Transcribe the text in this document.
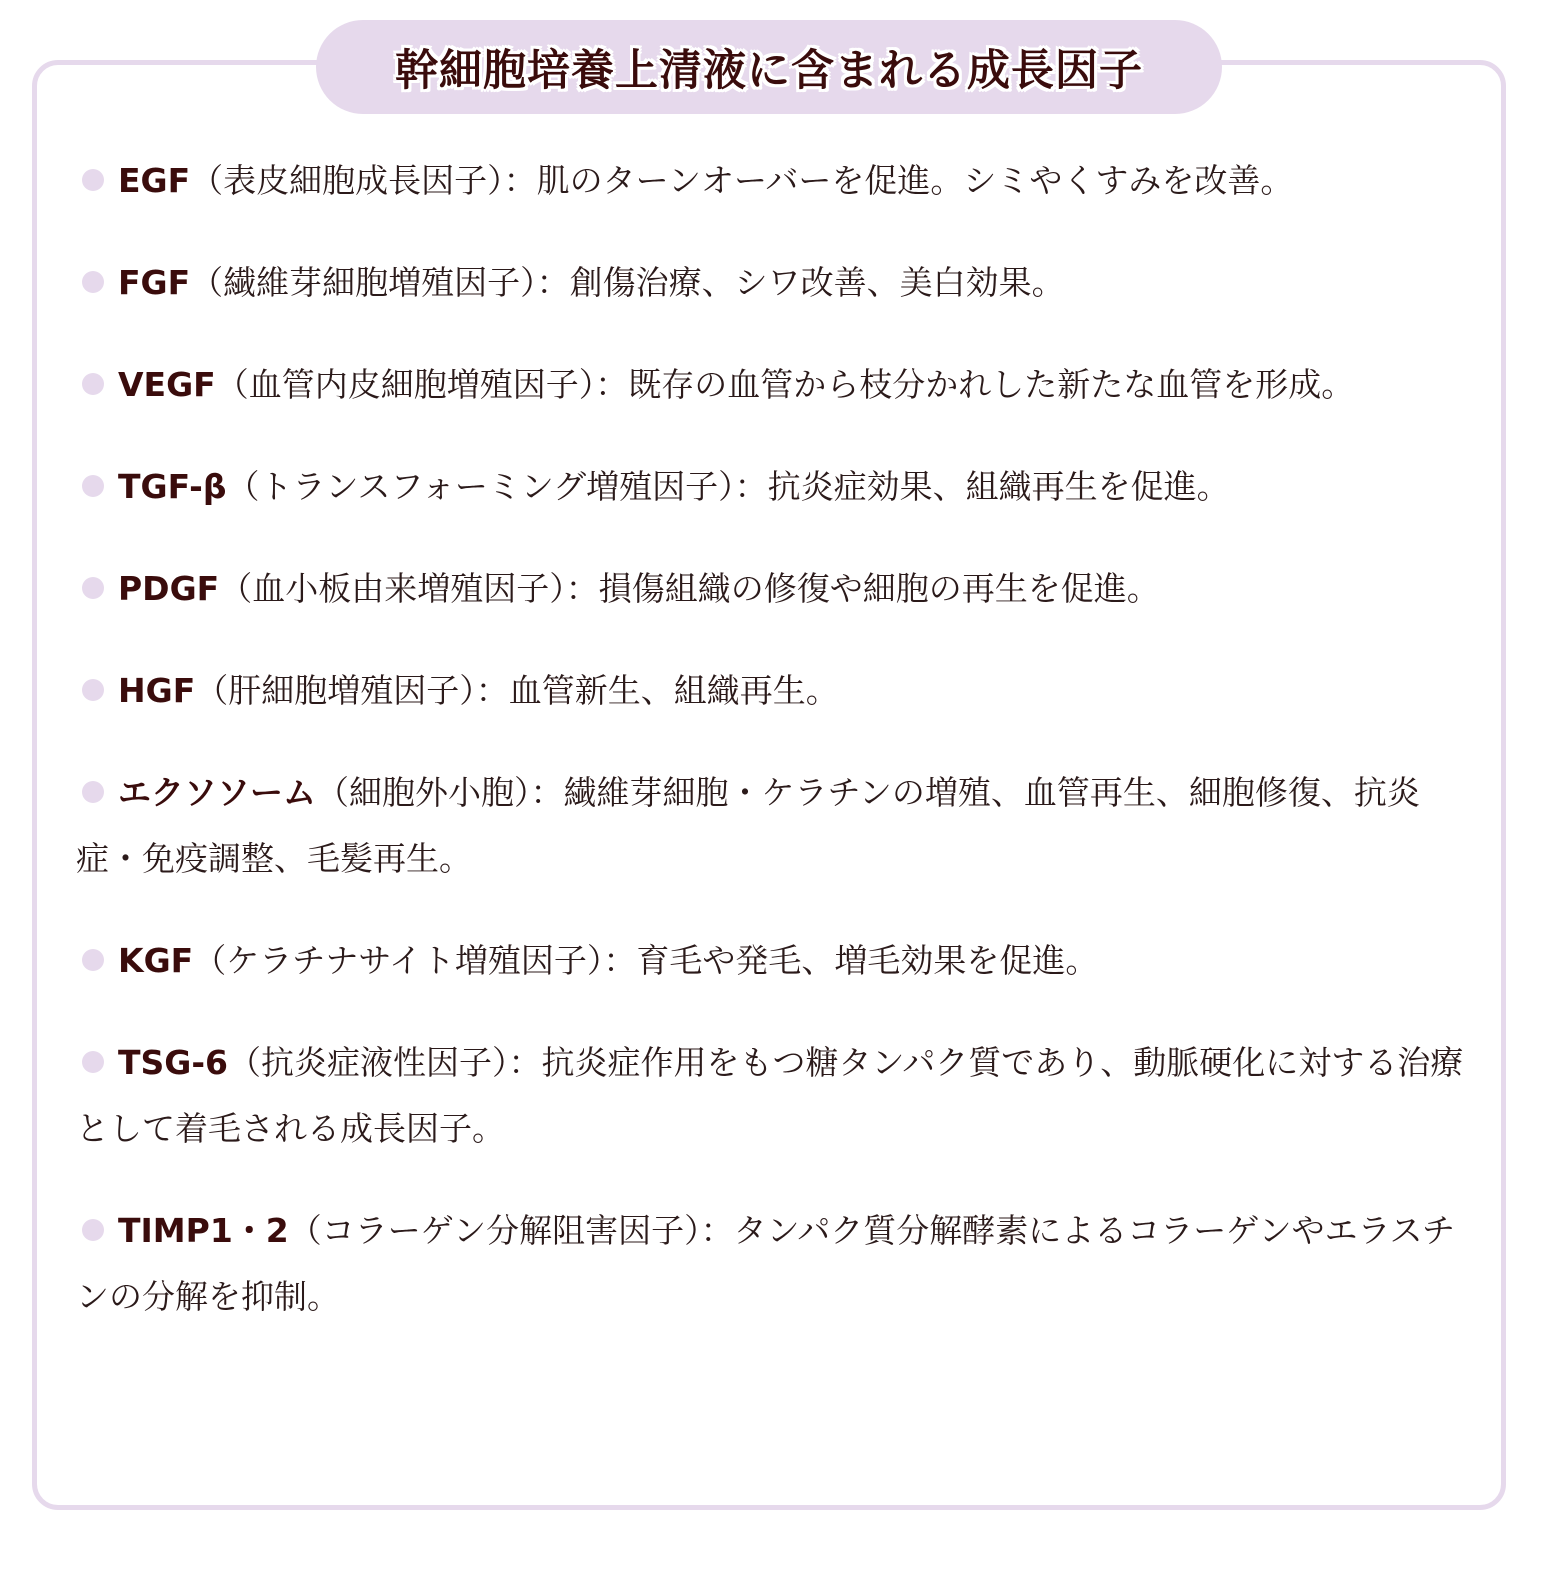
幹細胞培養上清液に含まれる成長因子
EGF（表皮細胞成長因子）：肌のターンオーバーを促進。シミやくすみを改善。
FGF（繊維芽細胞増殖因子）：創傷治療、シワ改善、美白効果。
VEGF（血管内皮細胞増殖因子）：既存の血管から枝分かれした新たな血管を形成。
TGF-β（トランスフォーミング増殖因子）：抗炎症効果、組織再生を促進。
PDGF（血小板由来増殖因子）：損傷組織の修復や細胞の再生を促進。
HGF（肝細胞増殖因子）：血管新生、組織再生。
エクソソーム（細胞外小胞）：繊維芽細胞・ケラチンの増殖、血管再生、細胞修復、抗炎症・免疫調整、毛髪再生。
KGF（ケラチナサイト増殖因子）：育毛や発毛、増毛効果を促進。
TSG-6（抗炎症液性因子）：抗炎症作用をもつ糖タンパク質であり、動脈硬化に対する治療として着毛される成長因子。
TIMP1・2（コラーゲン分解阻害因子）：タンパク質分解酵素によるコラーゲンやエラスチンの分解を抑制。
